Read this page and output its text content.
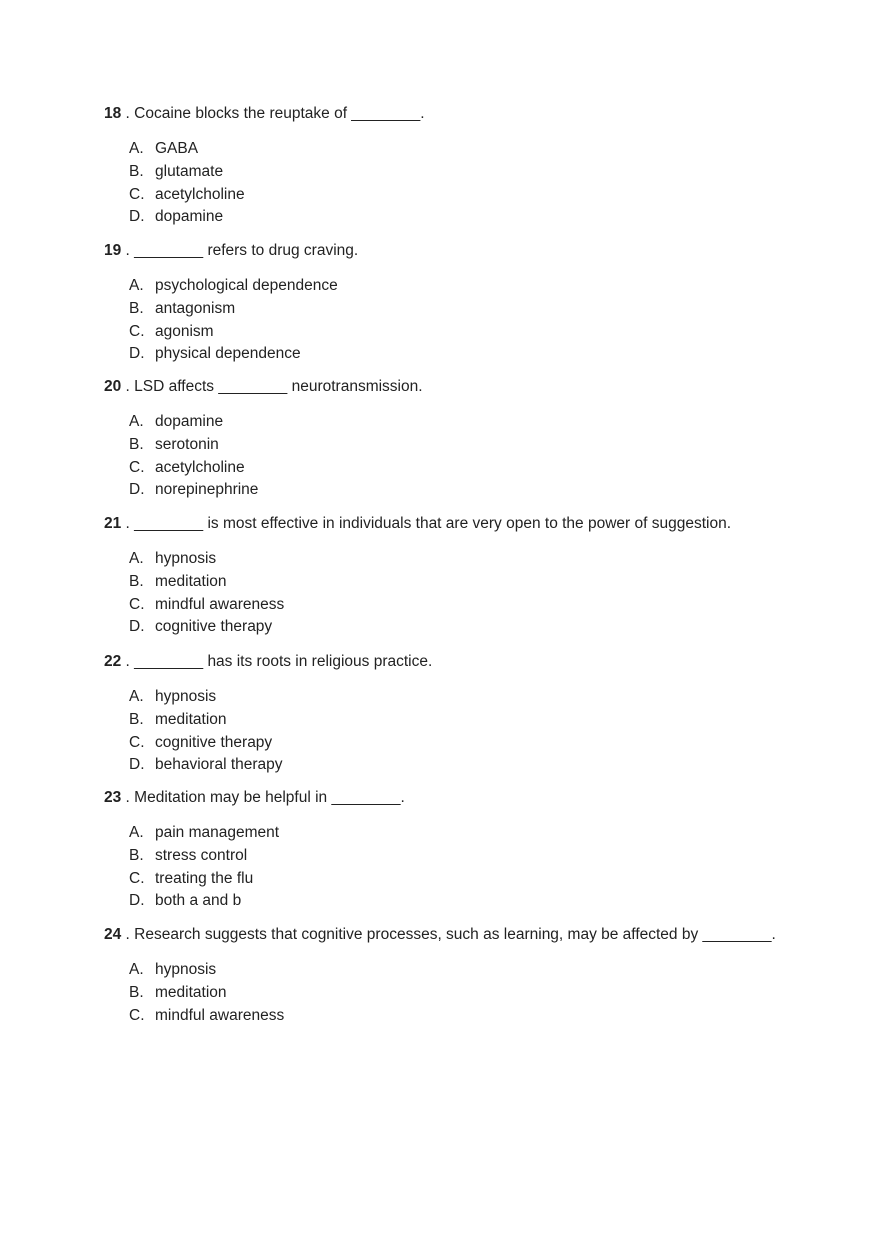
18 . Cocaine blocks the reuptake of ________.
A. GABA
B. glutamate
C. acetylcholine
D. dopamine
19 . ________ refers to drug craving.
A. psychological dependence
B. antagonism
C. agonism
D. physical dependence
20 . LSD affects ________ neurotransmission.
A. dopamine
B. serotonin
C. acetylcholine
D. norepinephrine
21 . ________ is most effective in individuals that are very open to the power of suggestion.
A. hypnosis
B. meditation
C. mindful awareness
D. cognitive therapy
22 . ________ has its roots in religious practice.
A. hypnosis
B. meditation
C. cognitive therapy
D. behavioral therapy
23 . Meditation may be helpful in ________.
A. pain management
B. stress control
C. treating the flu
D. both a and b
24 . Research suggests that cognitive processes, such as learning, may be affected by ________.
A. hypnosis
B. meditation
C. mindful awareness
